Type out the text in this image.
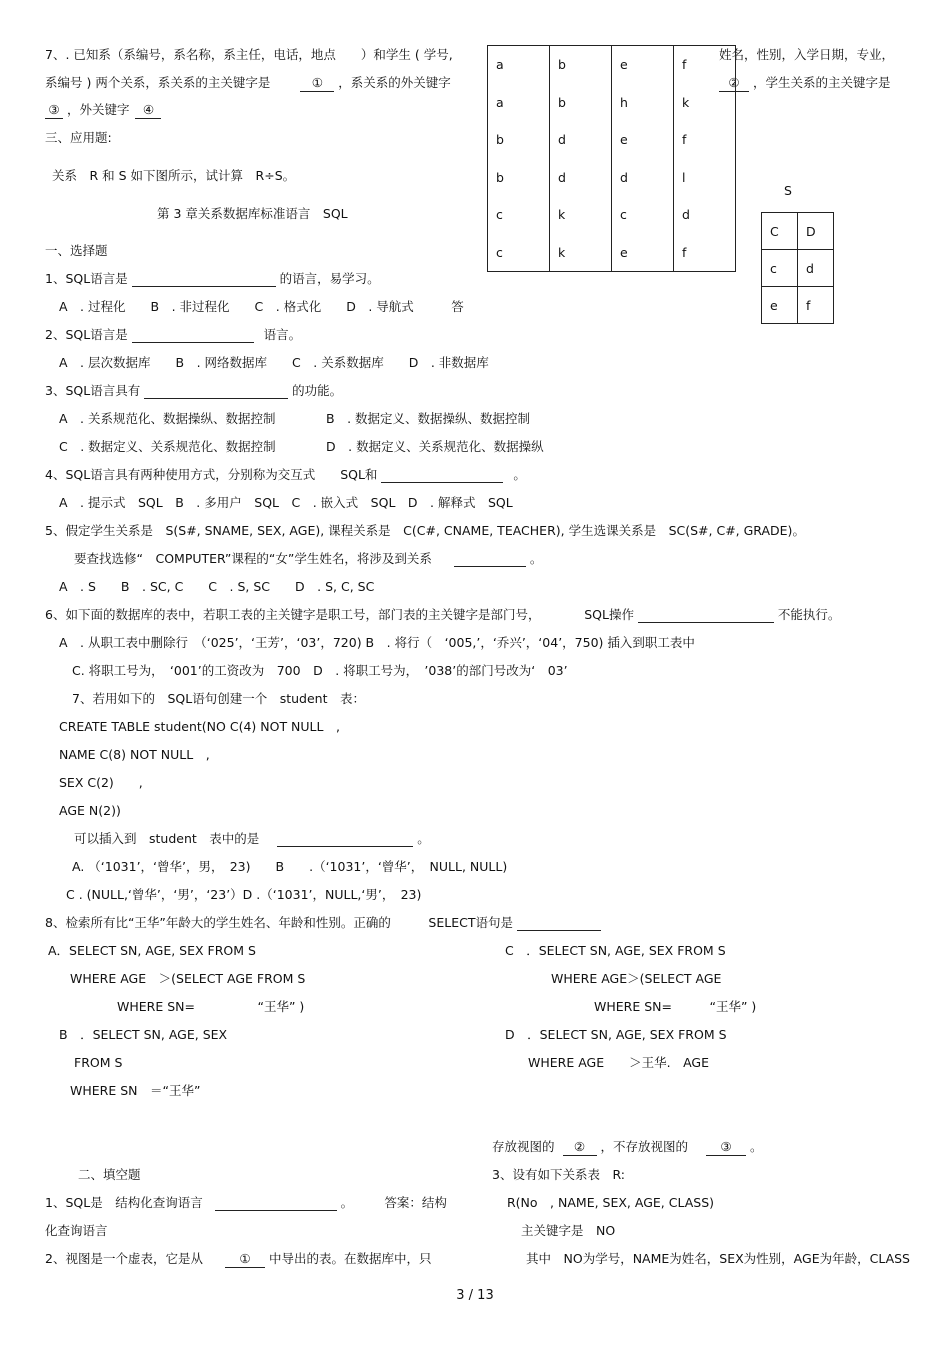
7、. 已知系（系编号，系名称，系主任，电话，地点　　）和学生 ( 学号,
系编号 ) 两个关系，系关系的主关键字是	① ，系关系的外关键字
③ ，外关键字 ④
姓名，性别，入学日期，专业，
② ，学生关系的主关键字是
三、应用题:
关系　R 和 S 如下图所示，试计算　R÷S。
a	b	e	f
a	b	h	k
b	d	e	f
b	d	d	l
c	k	c	d
c	k	e	f
S
C	D
c	d
e	f
第 3 章关系数据库标准语言　SQL
一、选择题
1、SQL语言是	的语言，易学习。
A　. 过程化　　B　. 非过程化　　C　. 格式化　　D　. 导航式　　　答
2、SQL语言是	语言。
A　. 层次数据库　　B　. 网络数据库　　C　. 关系数据库　　D　. 非数据库
3、SQL语言具有	的功能。
A　. 关系规范化、数据操纵、数据控制	B　. 数据定义、数据操纵、数据控制
C　. 数据定义、关系规范化、数据控制	D　. 数据定义、关系规范化、数据操纵
4、SQL语言具有两种使用方式，分别称为交互式　　SQL和	。
A　. 提示式　SQL　B　. 多用户　SQL　C　. 嵌入式　SQL　D　. 解释式　SQL
5、假定学生关系是　S(S#, SNAME, SEX, AGE), 课程关系是　C(C#, CNAME, TEACHER), 学生选课关系是　SC(S#, C#, GRADE)。
要查找选修“　COMPUTER”课程的“女”学生姓名，将涉及到关系	。
A　. S　　B　. SC, C　　C　. S, SC　　D　. S, C, SC
6、如下面的数据库的表中，若职工表的主关键字是职工号，部门表的主关键字是部门号，　　　　SQL操作	不能执行。
A　. 从职工表中删除行　（‘025’，‘王芳’，‘03’，720) B　. 将行（　‘005,’，‘乔兴’，‘04’，750) 插入到职工表中
C. 将职工号为，　‘001’的工资改为　700　D　. 将职工号为，　’038’的部门号改为‘　03’
7、若用如下的　SQL语句创建一个　student　表：
CREATE TABLE student(NO C(4) NOT NULL　,
NAME C(8) NOT NULL　,
SEX C(2)　　,
AGE N(2))
可以插入到　student　表中的是	。
A. （‘1031’，‘曾华’，男，　23)　　B　　.（‘1031’，‘曾华’，　NULL, NULL)
C . (NULL,‘曾华’，‘男’，‘23’）D .（‘1031’，NULL,‘男’，　23)
8、检索所有比“王华”年龄大的学生姓名、年龄和性别。正确的　　　SELECT语句是
A．SELECT SN, AGE, SEX FROM S
WHERE AGE　＞(SELECT AGE FROM S
WHERE SN=　　　　　“王华” )
B　．SELECT SN, AGE, SEX
FROM S
WHERE SN　＝“王华”
C　．SELECT SN, AGE, SEX FROM S
WHERE AGE＞(SELECT AGE
WHERE SN=　　　“王华” )
D　．SELECT SN, AGE, SEX FROM S
WHERE AGE　　＞王华.　AGE
存放视图的 ② ，不存放视图的	③ 。
二、填空题
1、SQL是　结构化查询语言	。　　　答案：结构
化查询语言
2、视图是一个虚表，它是从	① 中导出的表。在数据库中，只
3、设有如下关系表　R:
R(No　, NAME, SEX, AGE, CLASS)
主关键字是　NO
其中　NO为学号，NAME为姓名，SEX为性别，AGE为年龄，CLASS
3 / 13
